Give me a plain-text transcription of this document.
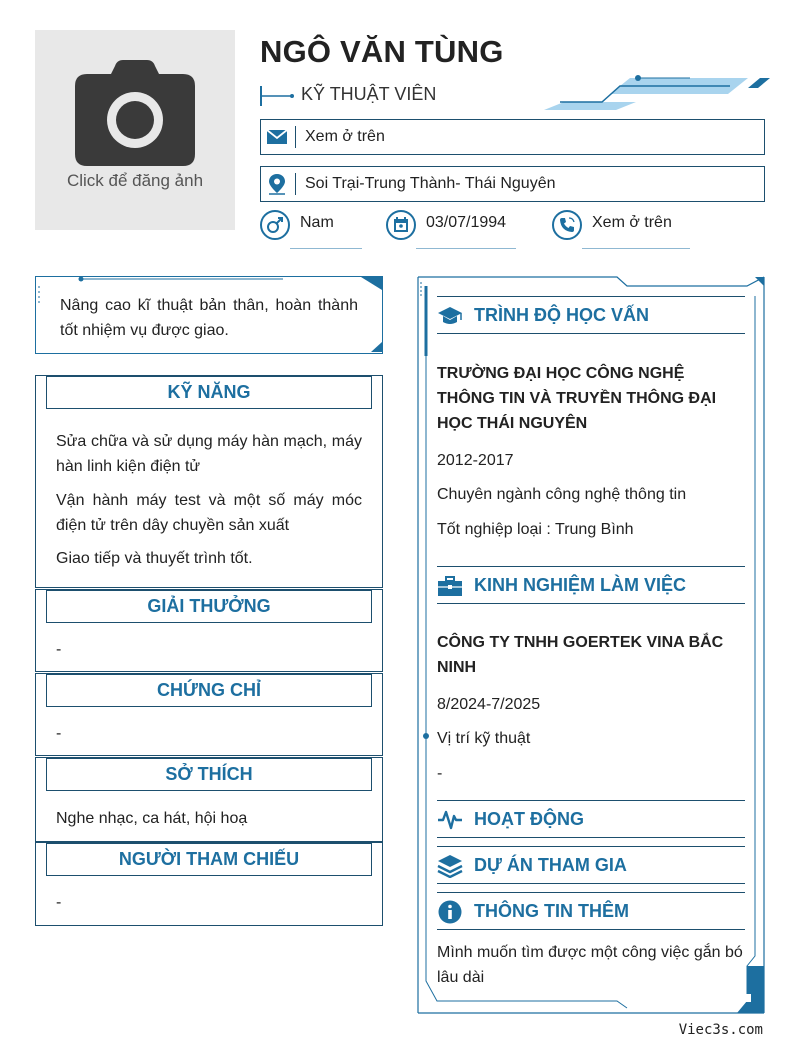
Click để đăng ảnh
NGÔ VĂN TÙNG
KỸ THUẬT VIÊN
Xem ở trên
Soi Trại-Trung Thành- Thái Nguyên
Nam	03/07/1994	Xem ở trên
Nâng cao kĩ thuật bản thân, hoàn thành tốt nhiệm vụ được giao.
KỸ NĂNG
Sửa chữa và sử dụng máy hàn mạch, máy hàn linh kiện điện tử
Vận hành máy test và một số máy móc điện tử trên dây chuyền sản xuất
Giao tiếp và thuyết trình tốt.
GIẢI THƯỞNG
-
CHỨNG CHỈ
-
SỞ THÍCH
Nghe nhạc, ca hát, hội hoạ
NGƯỜI THAM CHIẾU
-
TRÌNH ĐỘ HỌC VẤN
TRƯỜNG ĐẠI HỌC CÔNG NGHỆ THÔNG TIN VÀ TRUYỀN THÔNG ĐẠI HỌC THÁI NGUYÊN
2012-2017
Chuyên ngành công nghệ thông tin
Tốt nghiệp loại : Trung Bình
KINH NGHIỆM LÀM VIỆC
CÔNG TY TNHH GOERTEK VINA BẮC NINH
8/2024-7/2025
Vị trí kỹ thuật
-
HOẠT ĐỘNG
DỰ ÁN THAM GIA
THÔNG TIN THÊM
Mình muốn tìm được một công việc gắn bó lâu dài
Viec3s.com
